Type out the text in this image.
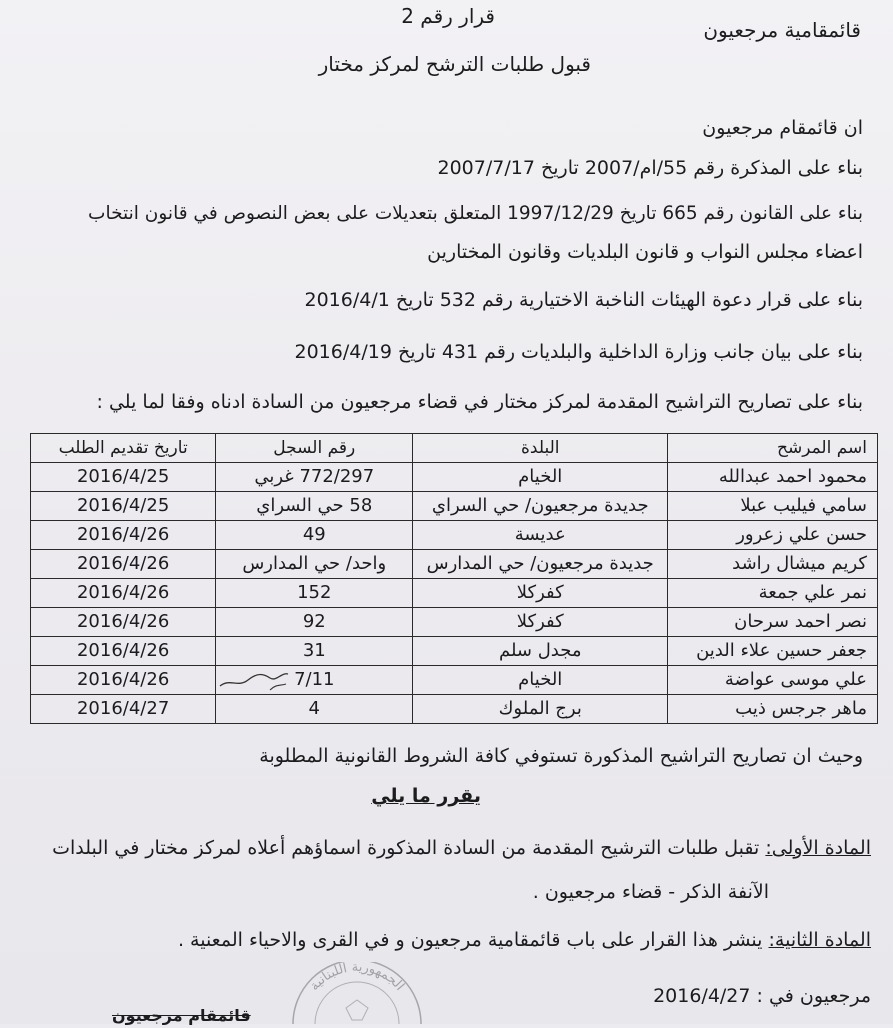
قائمقامية مرجعيون
قرار رقم 2
قبول طلبات الترشح لمركز مختار
ان قائمقام مرجعيون
بناء على المذكرة رقم 55/ام/2007 تاريخ 2007/7/17
بناء على القانون رقم 665 تاريخ 1997/12/29 المتعلق بتعديلات على بعض النصوص في قانون انتخاب
اعضاء مجلس النواب و قانون البلديات وقانون المختارين
بناء على قرار دعوة الهيئات الناخبة الاختيارية رقم 532 تاريخ 2016/4/1
بناء على بيان جانب وزارة الداخلية والبلديات رقم 431 تاريخ 2016/4/19
بناء على تصاريح التراشيح المقدمة لمركز مختار في قضاء مرجعيون من السادة ادناه وفقا لما يلي :
اسم المرشح	البلدة	رقم السجل	تاريخ تقديم الطلب
محمود احمد عبدالله	الخيام	772/297 غربي	2016/4/25
سامي فيليب عبلا	جديدة مرجعيون/ حي السراي	58 حي السراي	2016/4/25
حسن علي زعرور	عديسة	49	2016/4/26
كريم ميشال راشد	جديدة مرجعيون/ حي المدارس	واحد/ حي المدارس	2016/4/26
نمر علي جمعة	كفركلا	152	2016/4/26
نصر احمد سرحان	كفركلا	92	2016/4/26
جعفر حسين علاء الدين	مجدل سلم	31	2016/4/26
علي موسى عواضة	الخيام	7/11	2016/4/26
ماهر جرجس ذيب	برج الملوك	4	2016/4/27
وحيث ان تصاريح التراشيح المذكورة تستوفي كافة الشروط القانونية المطلوبة
يقرر ما يلي
المادة الأولى: تقبل طلبات الترشيح المقدمة من السادة المذكورة اسماؤهم أعلاه لمركز مختار في البلدات
الآنفة الذكر - قضاء مرجعيون .
المادة الثانية: ينشر هذا القرار على باب قائمقامية مرجعيون و في القرى والاحياء المعنية .
مرجعيون في : 2016/4/27
الجمهورية اللبنانية
قائمقام مرجعيون
